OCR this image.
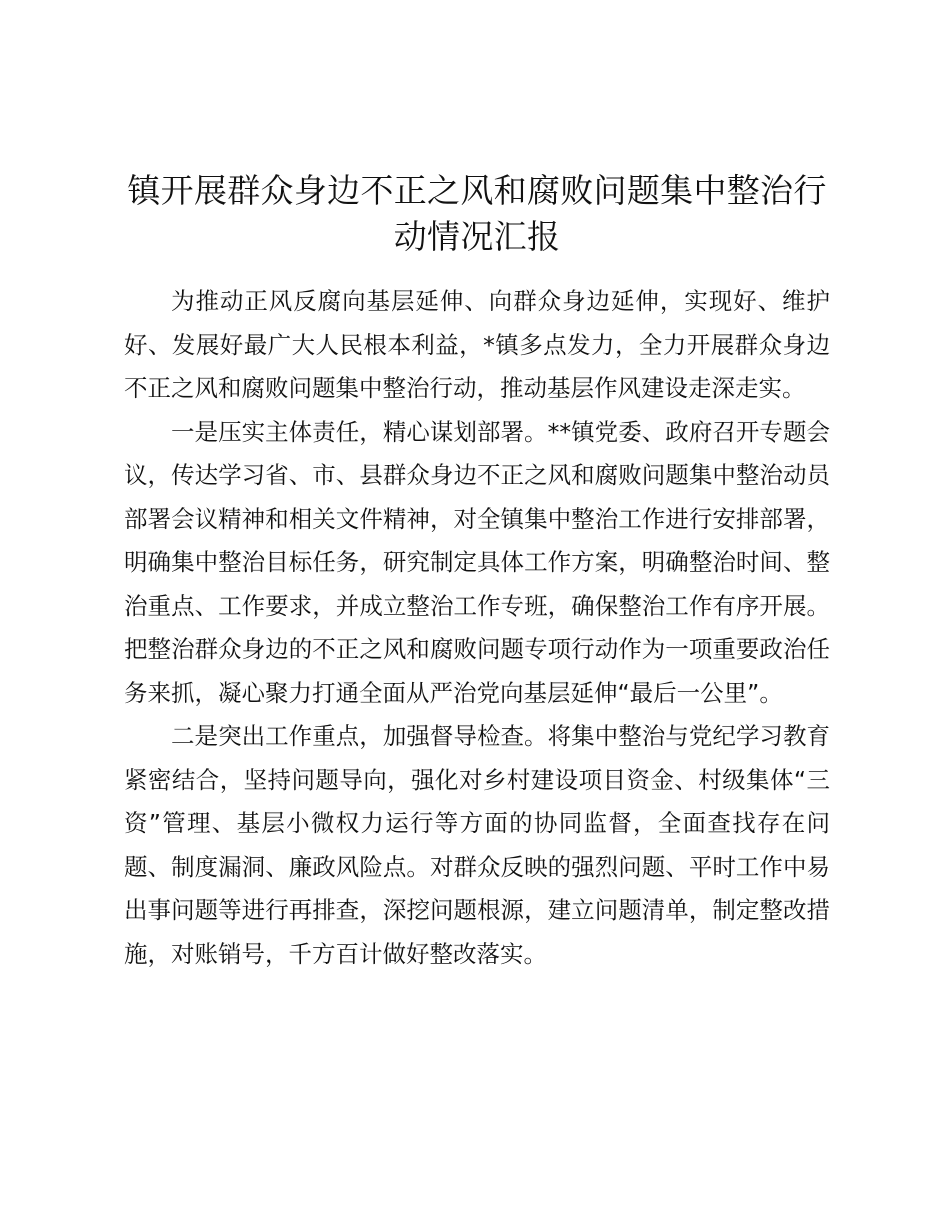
镇开展群众身边不正之风和腐败问题集中整治行动情况汇报

为推动正风反腐向基层延伸、向群众身边延伸，实现好、维护好、发展好最广大人民根本利益，*镇多点发力，全力开展群众身边不正之风和腐败问题集中整治行动，推动基层作风建设走深走实。

一是压实主体责任，精心谋划部署。**镇党委、政府召开专题会议，传达学习省、市、县群众身边不正之风和腐败问题集中整治动员部署会议精神和相关文件精神，对全镇集中整治工作进行安排部署，明确集中整治目标任务，研究制定具体工作方案，明确整治时间、整治重点、工作要求，并成立整治工作专班，确保整治工作有序开展。把整治群众身边的不正之风和腐败问题专项行动作为一项重要政治任务来抓，凝心聚力打通全面从严治党向基层延伸“最后一公里”。

二是突出工作重点，加强督导检查。将集中整治与党纪学习教育紧密结合，坚持问题导向，强化对乡村建设项目资金、村级集体“三资”管理、基层小微权力运行等方面的协同监督，全面查找存在问题、制度漏洞、廉政风险点。对群众反映的强烈问题、平时工作中易出事问题等进行再排查，深挖问题根源，建立问题清单，制定整改措施，对账销号，千方百计做好整改落实。
